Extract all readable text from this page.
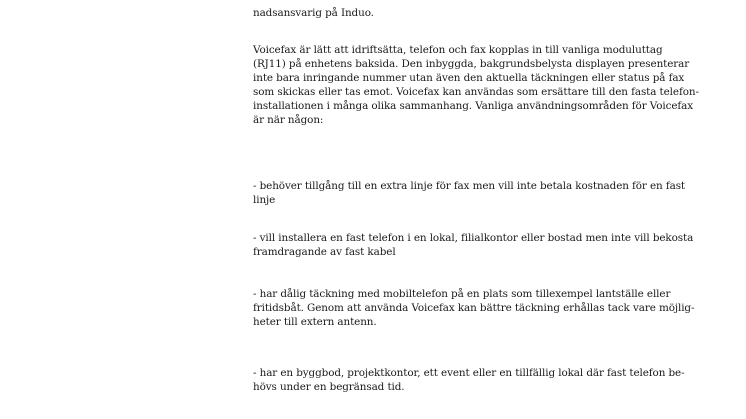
nadsansvarig på Induo.
Voicefax är lätt att idriftsätta, telefon och fax kopplas in till vanliga moduluttag
(RJ11) på enhetens baksida. Den inbyggda, bakgrundsbelysta displayen presenterar
inte bara inringande nummer utan även den aktuella täckningen eller status på fax
som skickas eller tas emot. Voicefax kan användas som ersättare till den fasta telefon-
installationen i många olika sammanhang. Vanliga användningsområden för Voicefax
är när någon:
- behöver tillgång till en extra linje för fax men vill inte betala kostnaden för en fast
linje
- vill installera en fast telefon i en lokal, filialkontor eller bostad men inte vill bekosta
framdragande av fast kabel
- har dålig täckning med mobiltelefon på en plats som tillexempel lantställe eller
fritidsbåt. Genom att använda Voicefax kan bättre täckning erhållas tack vare möjlig-
heter till extern antenn.
- har en byggbod, projektkontor, ett event eller en tillfällig lokal där fast telefon be-
hövs under en begränsad tid.
